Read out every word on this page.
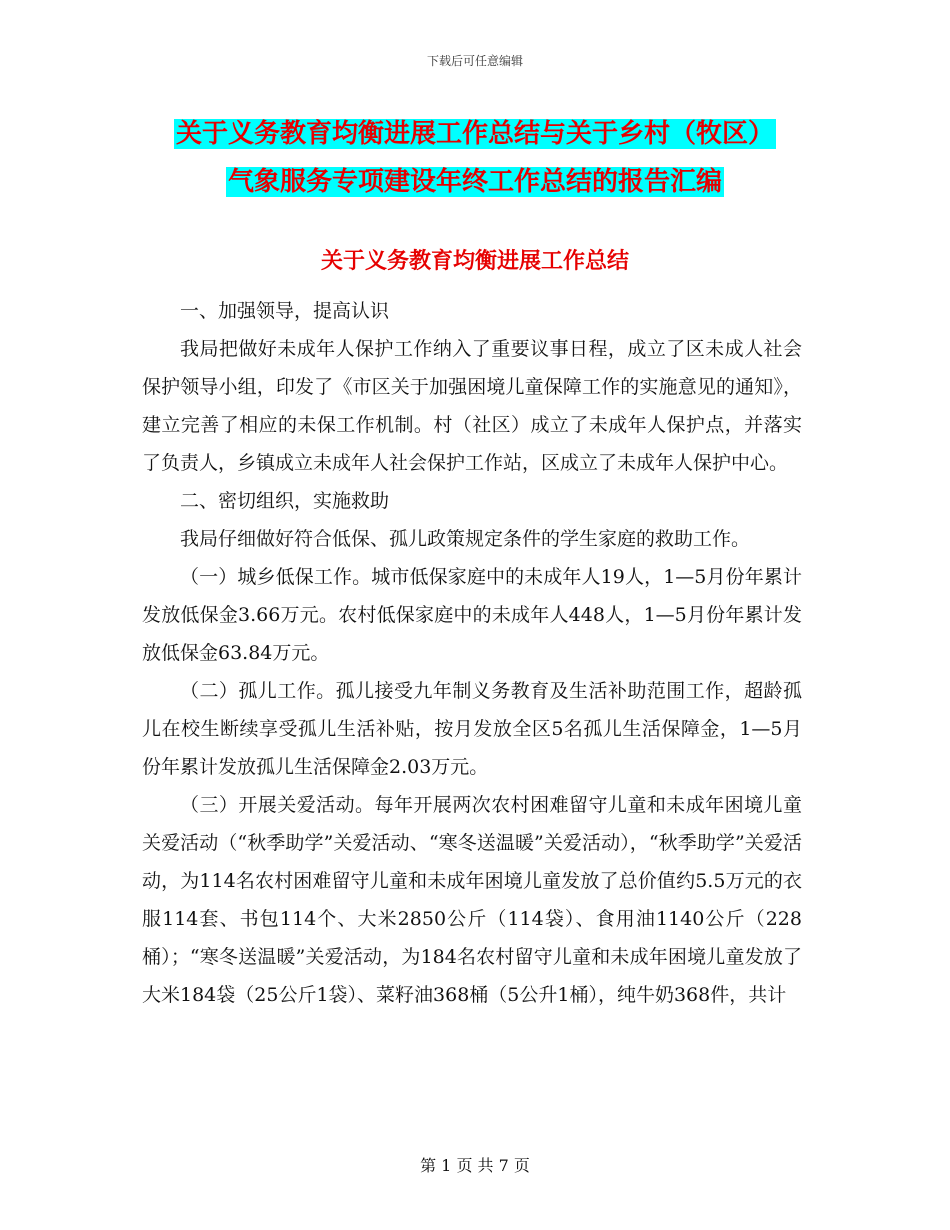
下载后可任意编辑
关于义务教育均衡进展工作总结与关于乡村（牧区）
气象服务专项建设年终工作总结的报告汇编
关于义务教育均衡进展工作总结

一、加强领导，提高认识

我局把做好未成年人保护工作纳入了重要议事日程，成立了区未成人社会保护领导小组，印发了《市区关于加强困境儿童保障工作的实施意见的通知》，建立完善了相应的未保工作机制。村（社区）成立了未成年人保护点，并落实了负责人，乡镇成立未成年人社会保护工作站，区成立了未成年人保护中心。

二、密切组织，实施救助

我局仔细做好符合低保、孤儿政策规定条件的学生家庭的救助工作。

（一）城乡低保工作。城市低保家庭中的未成年人19人，1—5月份年累计发放低保金3.66万元。农村低保家庭中的未成年人448人，1—5月份年累计发放低保金63.84万元。

（二）孤儿工作。孤儿接受九年制义务教育及生活补助范围工作，超龄孤儿在校生断续享受孤儿生活补贴，按月发放全区5名孤儿生活保障金，1—5月份年累计发放孤儿生活保障金2.03万元。

（三）开展关爱活动。每年开展两次农村困难留守儿童和未成年困境儿童关爱活动（“秋季助学”关爱活动、“寒冬送温暖”关爱活动），“秋季助学”关爱活动，为114名农村困难留守儿童和未成年困境儿童发放了总价值约5.5万元的衣服114套、书包114个、大米2850公斤（114袋）、食用油1140公斤（228桶）；“寒冬送温暖”关爱活动，为184名农村留守儿童和未成年困境儿童发放了大米184袋（25公斤1袋）、菜籽油368桶（5公升1桶），纯牛奶368件，共计

第 1 页 共 7 页
